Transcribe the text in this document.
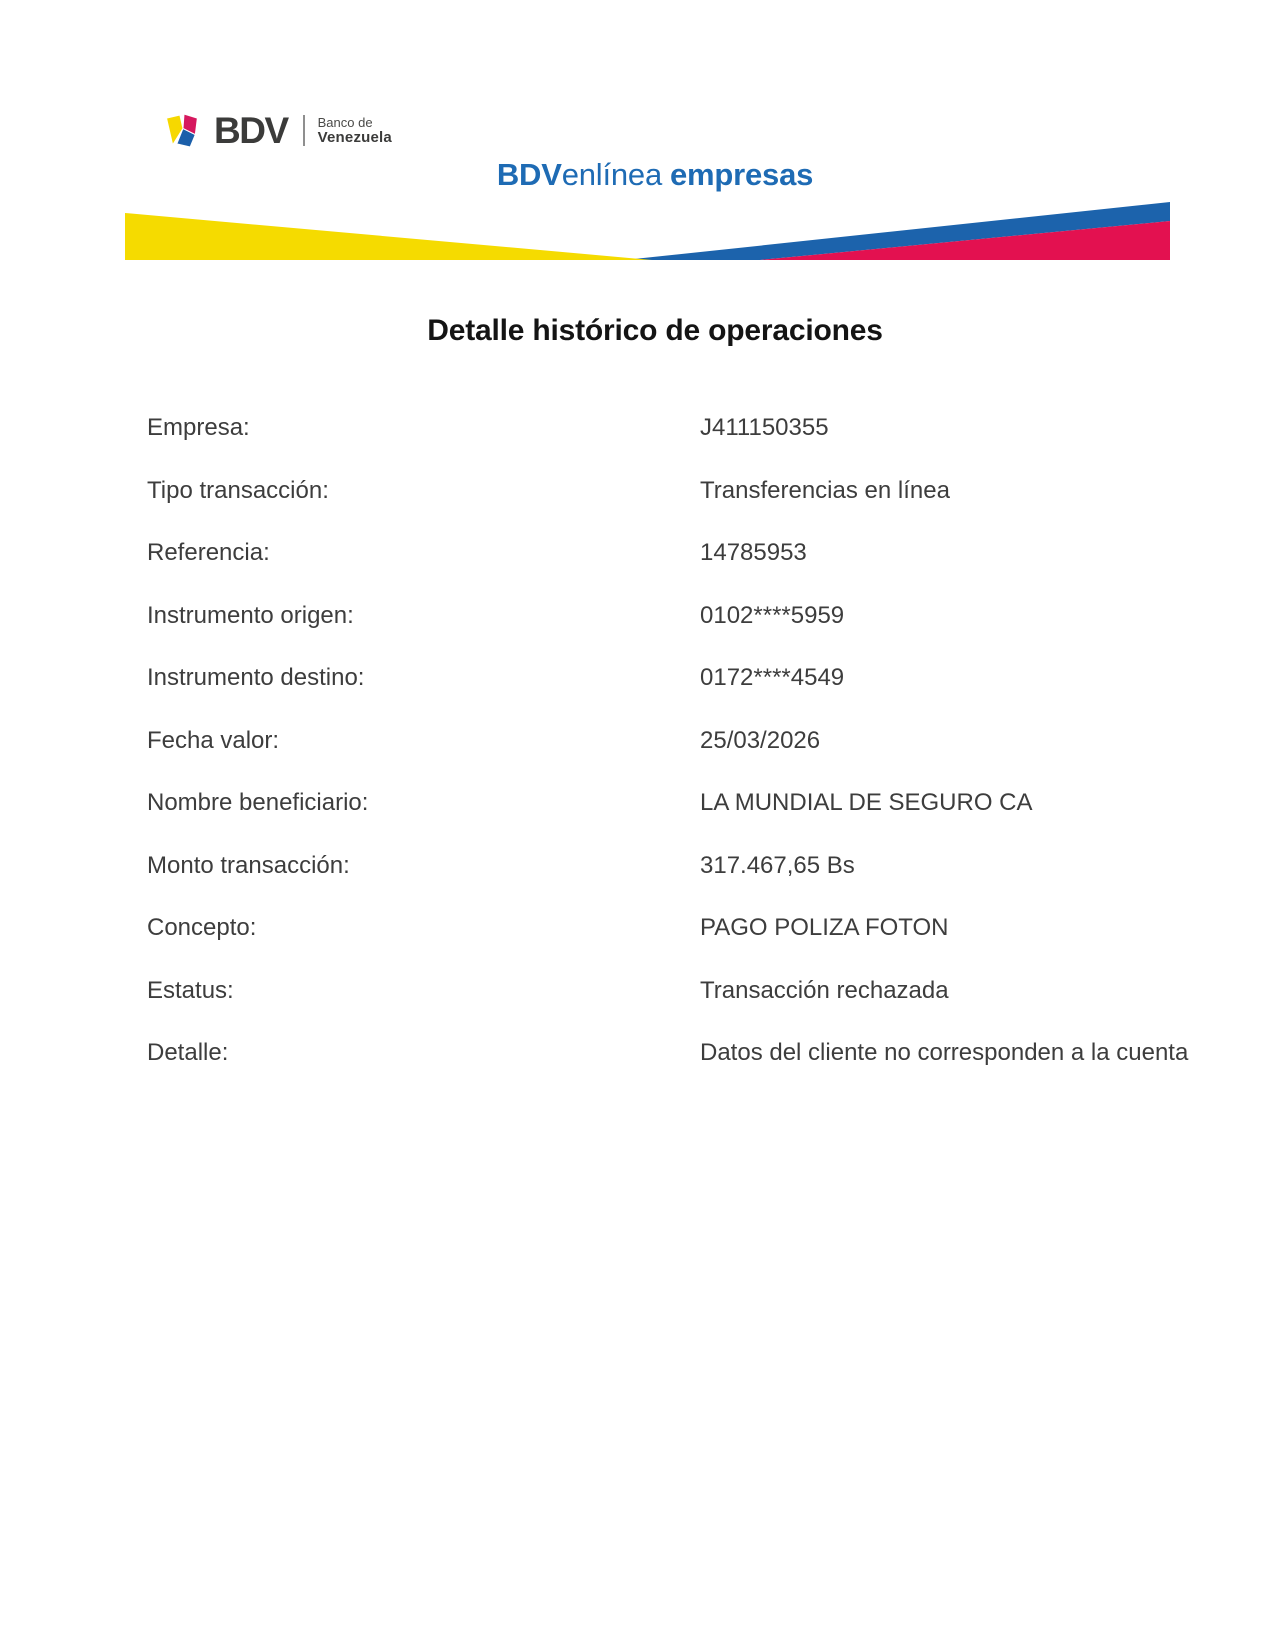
BDV Banco de
Venezuela
BDVenlínea empresas
Detalle histórico de operaciones
Empresa:	J411150355
Tipo transacción:	Transferencias en línea
Referencia:	14785953
Instrumento origen:	0102****5959
Instrumento destino:	0172****4549
Fecha valor:	25/03/2026
Nombre beneficiario:	LA MUNDIAL DE SEGURO CA
Monto transacción:	317.467,65 Bs
Concepto:	PAGO POLIZA FOTON
Estatus:	Transacción rechazada
Detalle:	Datos del cliente no corresponden a la cuenta
